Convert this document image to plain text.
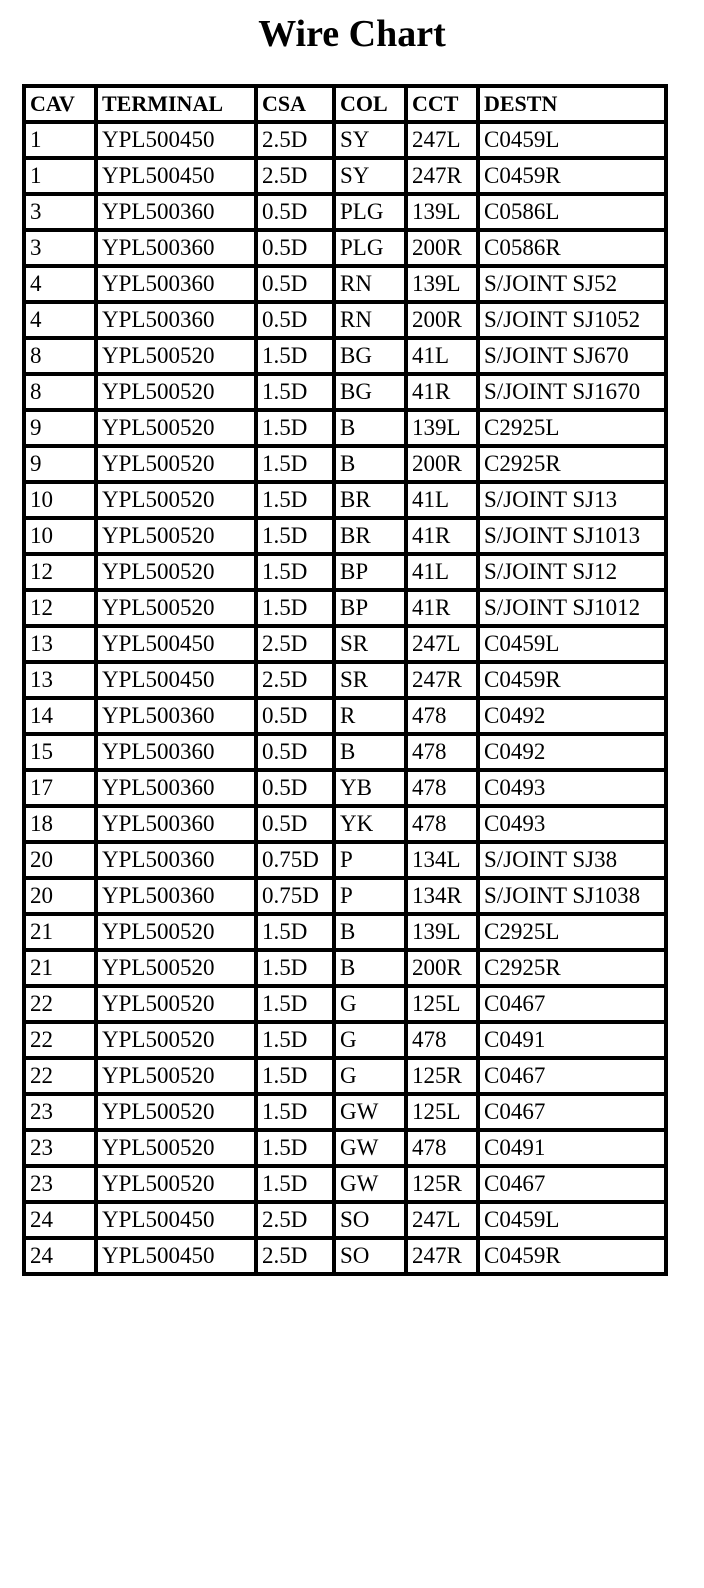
Wire Chart
CAV	TERMINAL	CSA	COL	CCT	DESTN
1	YPL500450	2.5D	SY	247L	C0459L
1	YPL500450	2.5D	SY	247R	C0459R
3	YPL500360	0.5D	PLG	139L	C0586L
3	YPL500360	0.5D	PLG	200R	C0586R
4	YPL500360	0.5D	RN	139L	S/JOINT SJ52
4	YPL500360	0.5D	RN	200R	S/JOINT SJ1052
8	YPL500520	1.5D	BG	41L	S/JOINT SJ670
8	YPL500520	1.5D	BG	41R	S/JOINT SJ1670
9	YPL500520	1.5D	B	139L	C2925L
9	YPL500520	1.5D	B	200R	C2925R
10	YPL500520	1.5D	BR	41L	S/JOINT SJ13
10	YPL500520	1.5D	BR	41R	S/JOINT SJ1013
12	YPL500520	1.5D	BP	41L	S/JOINT SJ12
12	YPL500520	1.5D	BP	41R	S/JOINT SJ1012
13	YPL500450	2.5D	SR	247L	C0459L
13	YPL500450	2.5D	SR	247R	C0459R
14	YPL500360	0.5D	R	478	C0492
15	YPL500360	0.5D	B	478	C0492
17	YPL500360	0.5D	YB	478	C0493
18	YPL500360	0.5D	YK	478	C0493
20	YPL500360	0.75D	P	134L	S/JOINT SJ38
20	YPL500360	0.75D	P	134R	S/JOINT SJ1038
21	YPL500520	1.5D	B	139L	C2925L
21	YPL500520	1.5D	B	200R	C2925R
22	YPL500520	1.5D	G	125L	C0467
22	YPL500520	1.5D	G	478	C0491
22	YPL500520	1.5D	G	125R	C0467
23	YPL500520	1.5D	GW	125L	C0467
23	YPL500520	1.5D	GW	478	C0491
23	YPL500520	1.5D	GW	125R	C0467
24	YPL500450	2.5D	SO	247L	C0459L
24	YPL500450	2.5D	SO	247R	C0459R
